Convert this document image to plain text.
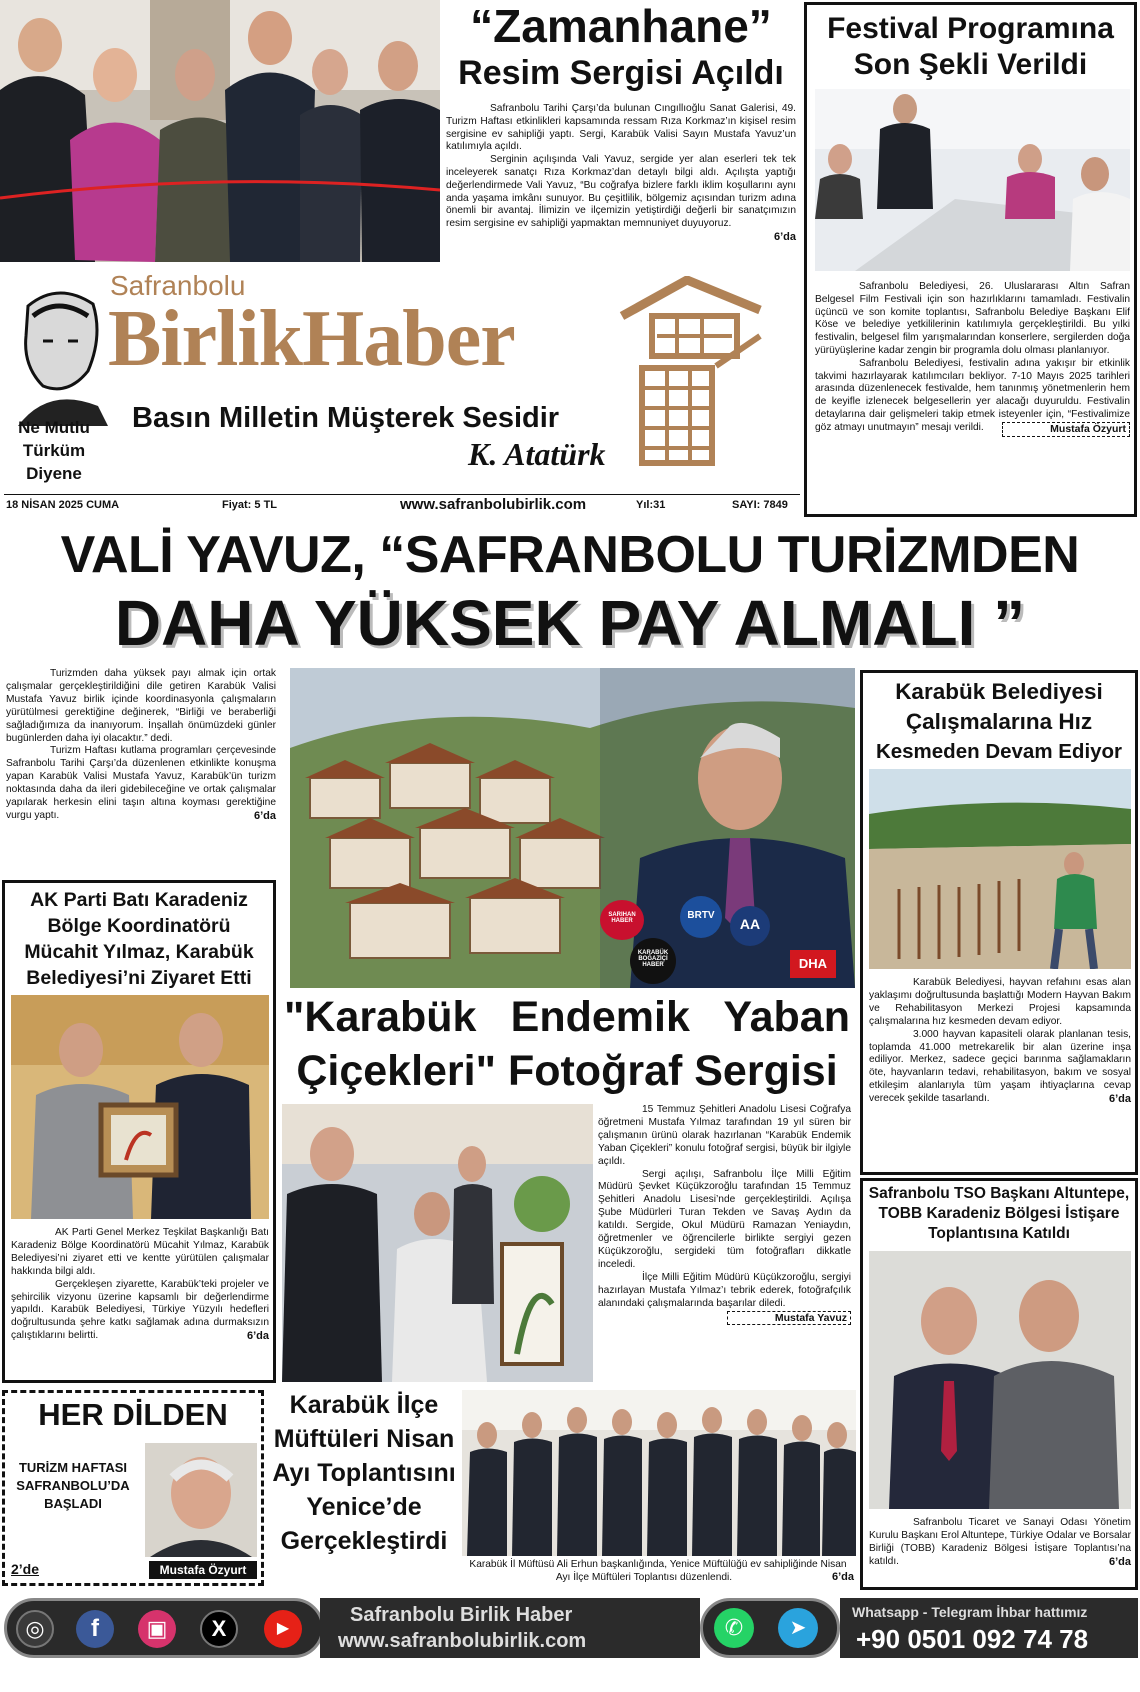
“Zamanhane”
Resim Sergisi Açıldı

Safranbolu Tarihi Çarşı’da bulunan Cıngıllıoğlu Sanat Galerisi, 49. Turizm Haftası etkinlikleri kapsamında ressam Rıza Korkmaz’ın kişisel resim sergisine ev sahipliği yaptı. Sergi, Karabük Valisi Sayın Mustafa Yavuz’un katılımıyla açıldı.

Serginin açılışında Vali Yavuz, sergide yer alan eserleri tek tek inceleyerek sanatçı Rıza Korkmaz’dan detaylı bilgi aldı. Açılışta yaptığı değerlendirmede Vali Yavuz, “Bu coğrafya bizlere farklı iklim koşullarını aynı anda yaşama imkânı sunuyor. Bu çeşitlilik, bölgemiz açısından turizm adına önemli bir avantaj. İlimizin ve ilçemizin yetiştirdiği değerli bir sanatçımızın resim sergisine ev sahipliği yapmaktan memnuniyet duyuyoruz.
6’da

Festival Programına Son Şekli Verildi

Safranbolu Belediyesi, 26. Uluslararası Altın Safran Belgesel Film Festivali için son hazırlıklarını tamamladı. Festivalin üçüncü ve son komite toplantısı, Safranbolu Belediye Başkanı Elif Köse ve belediye yetkililerinin katılımıyla gerçekleştirildi. Bu yılki festivalin, belgesel film yarışmalarından konserlere, sergilerden doğa yürüyüşlerine kadar zengin bir programla dolu olması planlanıyor.

Safranbolu Belediyesi, festivalin adına yakışır bir etkinlik takvimi hazırlayarak katılımcıları bekliyor. 7-10 Mayıs 2025 tarihleri arasında düzenlenecek festivalde, hem tanınmış yönetmenlerin hem de keyifle izlenecek belgesellerin yer alacağı duyuruldu. Festivalin detaylarına dair gelişmeleri takip etmek isteyenler için, “Festivalimize göz atmayı unutmayın” mesajı verildi.	Mustafa Özyurt

Ne Mutlu
Türküm
Diyene
Safranbolu
BirlikHaber
Basın Milletin Müşterek Sesidir
K. Atatürk
18 NİSAN 2025 CUMA	Fiyat: 5 TL	www.safranbolubirlik.com	Yıl:31	SAYI: 7849
VALİ YAVUZ, “SAFRANBOLU TURİZMDEN
DAHA YÜKSEK PAY ALMALI ”

Turizmden daha yüksek payı almak için ortak çalışmalar gerçekleştirildiğini dile getiren Karabük Valisi Mustafa Yavuz birlik içinde koordinasyonla çalışmaların yürütülmesi gerektiğine değinerek, “Birliği ve beraberliği sağladığımıza da inanıyorum. İnşallah önümüzdeki günler bugünlerden daha iyi olacaktır.” dedi.

Turizm Haftası kutlama programları çerçevesinde Safranbolu Tarihi Çarşı’da düzenlenen etkinlikte konuşma yapan Karabük Valisi Mustafa Yavuz, Karabük’ün turizm noktasında daha da ileri gidebileceğine ve ortak çalışmalar yapılarak herkesin elini taşın altına koyması gerektiğine vurgu yaptı.	6’da

SARIHAN HABER	BRTV
AA
KARABÜK BOĞAZİÇİ HABER	DHA
AK Parti Batı Karadeniz Bölge Koordinatörü Mücahit Yılmaz, Karabük Belediyesi’ni Ziyaret Etti

AK Parti Genel Merkez Teşkilat Başkanlığı Batı Karadeniz Bölge Koordinatörü Mücahit Yılmaz, Karabük Belediyesi’ni ziyaret etti ve kentte yürütülen çalışmalar hakkında bilgi aldı.

Gerçekleşen ziyarette, Karabük’teki projeler ve şehircilik vizyonu üzerine kapsamlı bir değerlendirme yapıldı. Karabük Belediyesi, Türkiye Yüzyılı hedefleri doğrultusunda şehre katkı sağlamak adına durmaksızın çalıştıklarını belirtti.	6’da

"Karabük Endemik Yaban
Çiçekleri" Fotoğraf Sergisi

15 Temmuz Şehitleri Anadolu Lisesi Coğrafya öğretmeni Mustafa Yılmaz tarafından 19 yıl süren bir çalışmanın ürünü olarak hazırlanan “Karabük Endemik Yaban Çiçekleri” konulu fotoğraf sergisi, büyük bir ilgiyle açıldı.

Sergi açılışı, Safranbolu İlçe Milli Eğitim Müdürü Şevket Küçükzoroğlu tarafından 15 Temmuz Şehitleri Anadolu Lisesi’nde gerçekleştirildi. Açılışa Şube Müdürleri Turan Tekden ve Savaş Aydın da katıldı. Sergide, Okul Müdürü Ramazan Yeniaydın, öğretmenler ve öğrencilerle birlikte sergiyi gezen Küçükzoroğlu, sergideki tüm fotoğrafları dikkatle inceledi.

İlçe Milli Eğitim Müdürü Küçükzoroğlu, sergiyi hazırlayan Mustafa Yılmaz’ı tebrik ederek, fotoğrafçılık alanındaki çalışmalarında başarılar diledi.
Mustafa Yavuz

Karabük Belediyesi
Çalışmalarına Hız
Kesmeden Devam Ediyor

Karabük Belediyesi, hayvan refahını esas alan yaklaşımı doğrultusunda başlattığı Modern Hayvan Bakım ve Rehabilitasyon Merkezi Projesi kapsamında çalışmalarına hız kesmeden devam ediyor.

3.000 hayvan kapasiteli olarak planlanan tesis, toplamda 41.000 metrekarelik bir alan üzerine inşa ediliyor. Merkez, sadece geçici barınma sağlamakların öte, hayvanların tedavi, rehabilitasyon, bakım ve sosyal etkileşim alanlarıyla tüm yaşam ihtiyaçlarına cevap verecek şekilde tasarlandı.	6’da

Safranbolu TSO Başkanı Altuntepe, TOBB Karadeniz Bölgesi İstişare Toplantısına Katıldı

Safranbolu Ticaret ve Sanayi Odası Yönetim Kurulu Başkanı Erol Altuntepe, Türkiye Odalar ve Borsalar Birliği (TOBB) Karadeniz Bölgesi İstişare Toplantısı’na katıldı.	6’da

HER DİLDEN
TURİZM HAFTASI SAFRANBOLU’DA BAŞLADI
2’de	Mustafa Özyurt
Karabük İlçe Müftüleri Nisan Ayı Toplantısını Yenice’de Gerçekleştirdi
Karabük İl Müftüsü Ali Erhun başkanlığında, Yenice Müftülüğü ev sahipliğinde Nisan Ayı İlçe Müftüleri Toplantısı düzenlendi.	6’da
◎	f	▣	X	▶
Safranbolu Birlik Haber
www.safranbolubirlik.com
✆	➤
Whatsapp - Telegram İhbar hattımız
+90 0501 092 74 78
